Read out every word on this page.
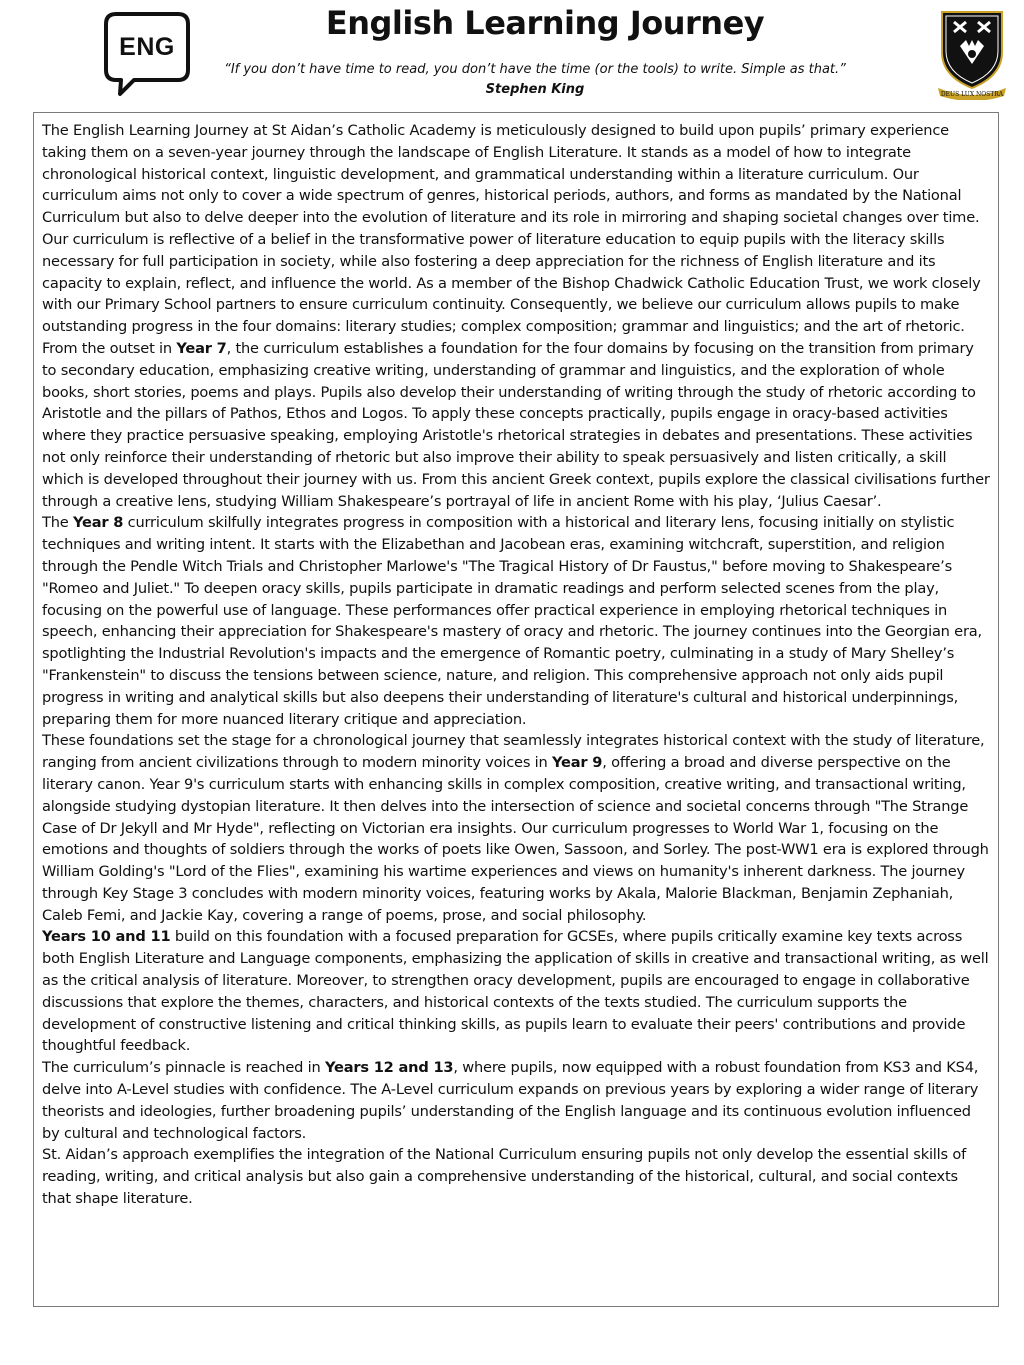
ENG
English Learning Journey
“If you don’t have time to read, you don’t have the time (or the tools) to write. Simple as that.”
Stephen King	DEUS LUX NOSTRA

The English Learning Journey at St Aidan’s Catholic Academy is meticulously designed to build upon pupils’ primary experience taking them on a seven-year journey through the landscape of English Literature. It stands as a model of how to integrate chronological historical context, linguistic development, and grammatical understanding within a literature curriculum. Our curriculum aims not only to cover a wide spectrum of genres, historical periods, authors, and forms as mandated by the National Curriculum but also to delve deeper into the evolution of literature and its role in mirroring and shaping societal changes over time.

Our curriculum is reflective of a belief in the transformative power of literature education to equip pupils with the literacy skills necessary for full participation in society, while also fostering a deep appreciation for the richness of English literature and its capacity to explain, reflect, and influence the world. As a member of the Bishop Chadwick Catholic Education Trust, we work closely with our Primary School partners to ensure curriculum continuity. Consequently, we believe our curriculum allows pupils to make outstanding progress in the four domains: literary studies; complex composition; grammar and linguistics; and the art of rhetoric.

From the outset in Year 7, the curriculum establishes a foundation for the four domains by focusing on the transition from primary to secondary education, emphasizing creative writing, understanding of grammar and linguistics, and the exploration of whole books, short stories, poems and plays. Pupils also develop their understanding of writing through the study of rhetoric according to Aristotle and the pillars of Pathos, Ethos and Logos. To apply these concepts practically, pupils engage in oracy-based activities where they practice persuasive speaking, employing Aristotle's rhetorical strategies in debates and presentations. These activities not only reinforce their understanding of rhetoric but also improve their ability to speak persuasively and listen critically, a skill which is developed throughout their journey with us. From this ancient Greek context, pupils explore the classical civilisations further through a creative lens, studying William Shakespeare’s portrayal of life in ancient Rome with his play, ‘Julius Caesar’.

The Year 8 curriculum skilfully integrates progress in composition with a historical and literary lens, focusing initially on stylistic techniques and writing intent. It starts with the Elizabethan and Jacobean eras, examining witchcraft, superstition, and religion through the Pendle Witch Trials and Christopher Marlowe's "The Tragical History of Dr Faustus," before moving to Shakespeare’s "Romeo and Juliet." To deepen oracy skills, pupils participate in dramatic readings and perform selected scenes from the play, focusing on the powerful use of language. These performances offer practical experience in employing rhetorical techniques in speech, enhancing their appreciation for Shakespeare's mastery of oracy and rhetoric. The journey continues into the Georgian era, spotlighting the Industrial Revolution's impacts and the emergence of Romantic poetry, culminating in a study of Mary Shelley’s "Frankenstein" to discuss the tensions between science, nature, and religion. This comprehensive approach not only aids pupil progress in writing and analytical skills but also deepens their understanding of literature's cultural and historical underpinnings, preparing them for more nuanced literary critique and appreciation.

These foundations set the stage for a chronological journey that seamlessly integrates historical context with the study of literature, ranging from ancient civilizations through to modern minority voices in Year 9, offering a broad and diverse perspective on the literary canon. Year 9's curriculum starts with enhancing skills in complex composition, creative writing, and transactional writing, alongside studying dystopian literature. It then delves into the intersection of science and societal concerns through "The Strange Case of Dr Jekyll and Mr Hyde", reflecting on Victorian era insights. Our curriculum progresses to World War 1, focusing on the emotions and thoughts of soldiers through the works of poets like Owen, Sassoon, and Sorley. The post-WW1 era is explored through William Golding's "Lord of the Flies", examining his wartime experiences and views on humanity's inherent darkness. The journey through Key Stage 3 concludes with modern minority voices, featuring works by Akala, Malorie Blackman, Benjamin Zephaniah, Caleb Femi, and Jackie Kay, covering a range of poems, prose, and social philosophy.

Years 10 and 11 build on this foundation with a focused preparation for GCSEs, where pupils critically examine key texts across both English Literature and Language components, emphasizing the application of skills in creative and transactional writing, as well as the critical analysis of literature. Moreover, to strengthen oracy development, pupils are encouraged to engage in collaborative discussions that explore the themes, characters, and historical contexts of the texts studied. The curriculum supports the development of constructive listening and critical thinking skills, as pupils learn to evaluate their peers' contributions and provide thoughtful feedback.

The curriculum’s pinnacle is reached in Years 12 and 13, where pupils, now equipped with a robust foundation from KS3 and KS4, delve into A-Level studies with confidence. The A-Level curriculum expands on previous years by exploring a wider range of literary theorists and ideologies, further broadening pupils’ understanding of the English language and its continuous evolution influenced by cultural and technological factors.

St. Aidan’s approach exemplifies the integration of the National Curriculum ensuring pupils not only develop the essential skills of reading, writing, and critical analysis but also gain a comprehensive understanding of the historical, cultural, and social contexts that shape literature.
